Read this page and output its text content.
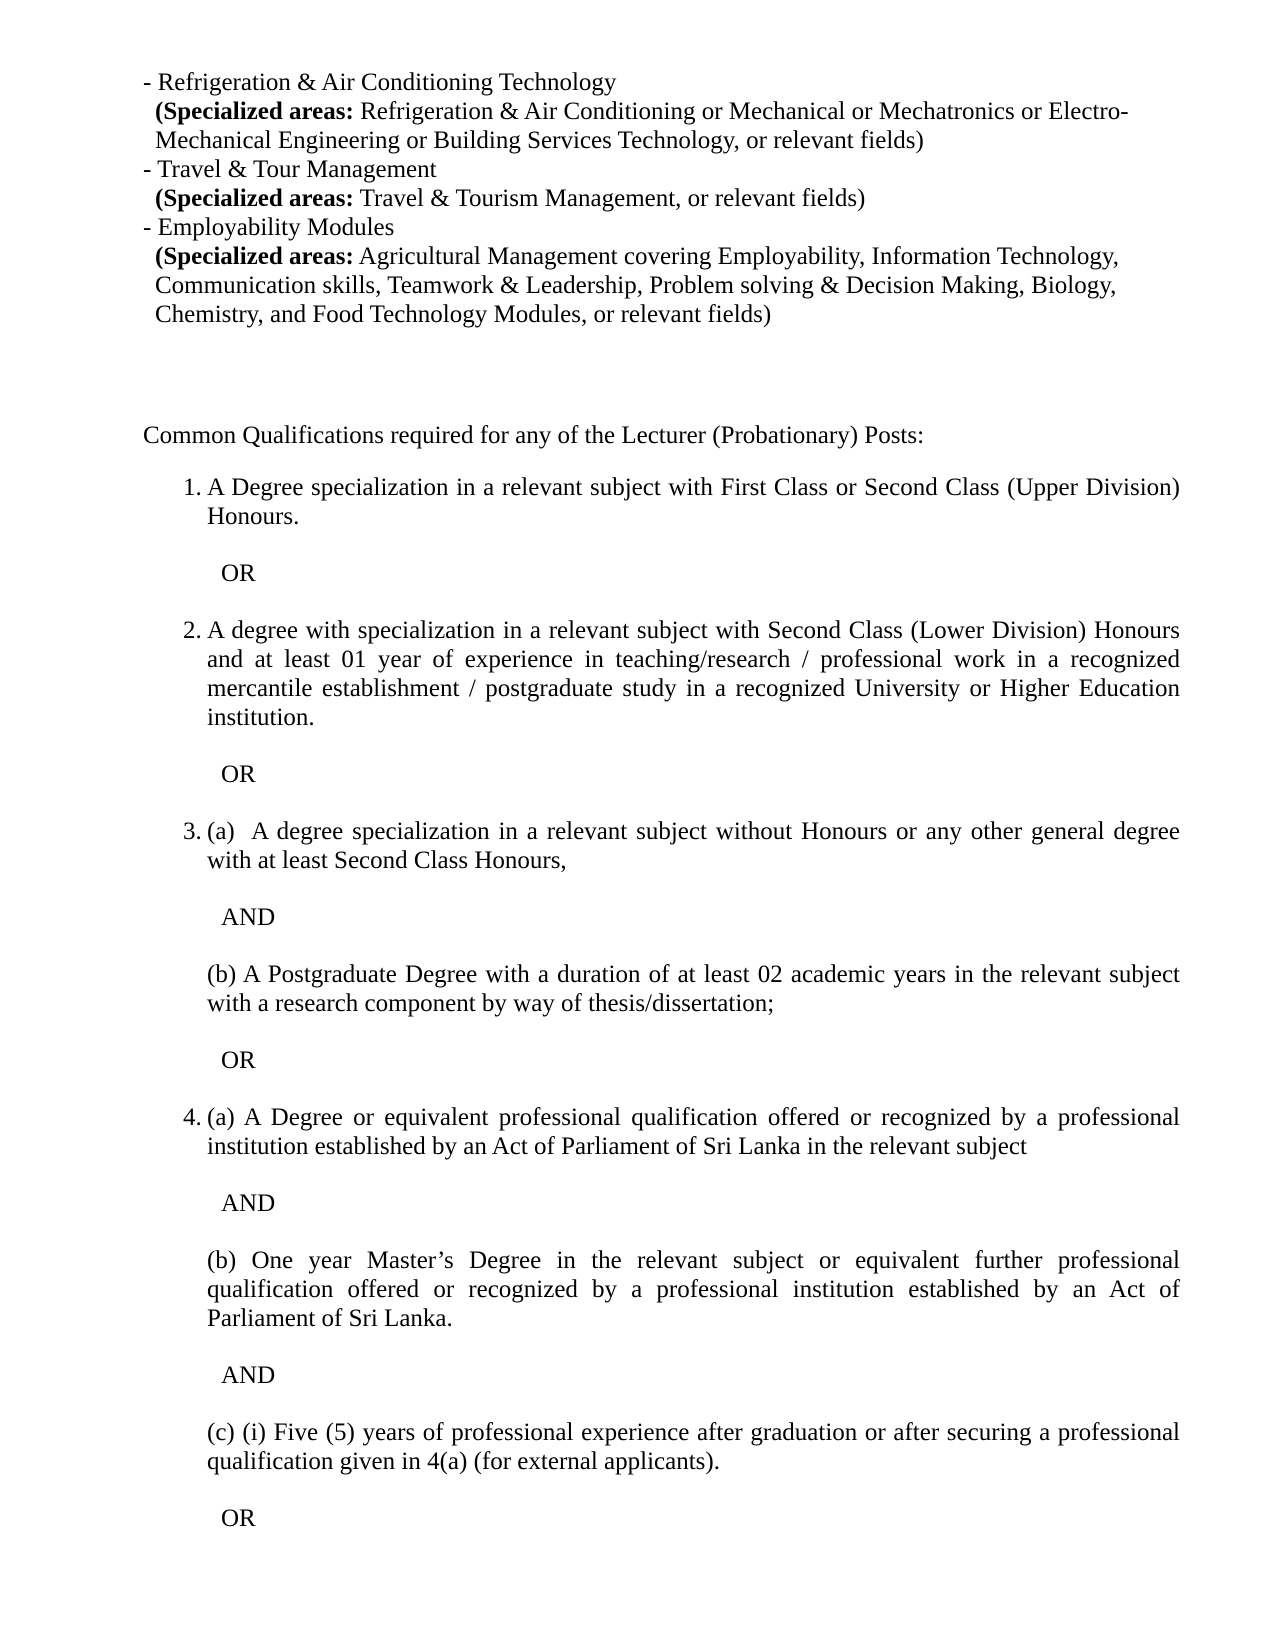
- Refrigeration & Air Conditioning Technology
(Specialized areas: Refrigeration & Air Conditioning or Mechanical or Mechatronics or Electro-
Mechanical Engineering or Building Services Technology, or relevant fields)
- Travel & Tour Management
(Specialized areas: Travel & Tourism Management, or relevant fields)
- Employability Modules
(Specialized areas: Agricultural Management covering Employability, Information Technology,
Communication skills, Teamwork & Leadership, Problem solving & Decision Making, Biology,
Chemistry, and Food Technology Modules, or relevant fields)
Common Qualifications required for any of the Lecturer (Probationary) Posts:
1. A Degree specialization in a relevant subject with First Class or Second Class (Upper Division) Honours.
OR
2. A degree with specialization in a relevant subject with Second Class (Lower Division) Honours and at least 01 year of experience in teaching/research / professional work in a recognized mercantile establishment / postgraduate study in a recognized University or Higher Education institution.
OR
3. (a)  A degree specialization in a relevant subject without Honours or any other general degree with at least Second Class Honours,
AND
(b) A Postgraduate Degree with a duration of at least 02 academic years in the relevant subject with a research component by way of thesis/dissertation;
OR
4. (a) A Degree or equivalent professional qualification offered or recognized by a professional institution established by an Act of Parliament of Sri Lanka in the relevant subject
AND
(b) One year Master’s Degree in the relevant subject or equivalent further professional qualification offered or recognized by a professional institution established by an Act of Parliament of Sri Lanka.
AND
(c) (i) Five (5) years of professional experience after graduation or after securing a professional qualification given in 4(a) (for external applicants).
OR
